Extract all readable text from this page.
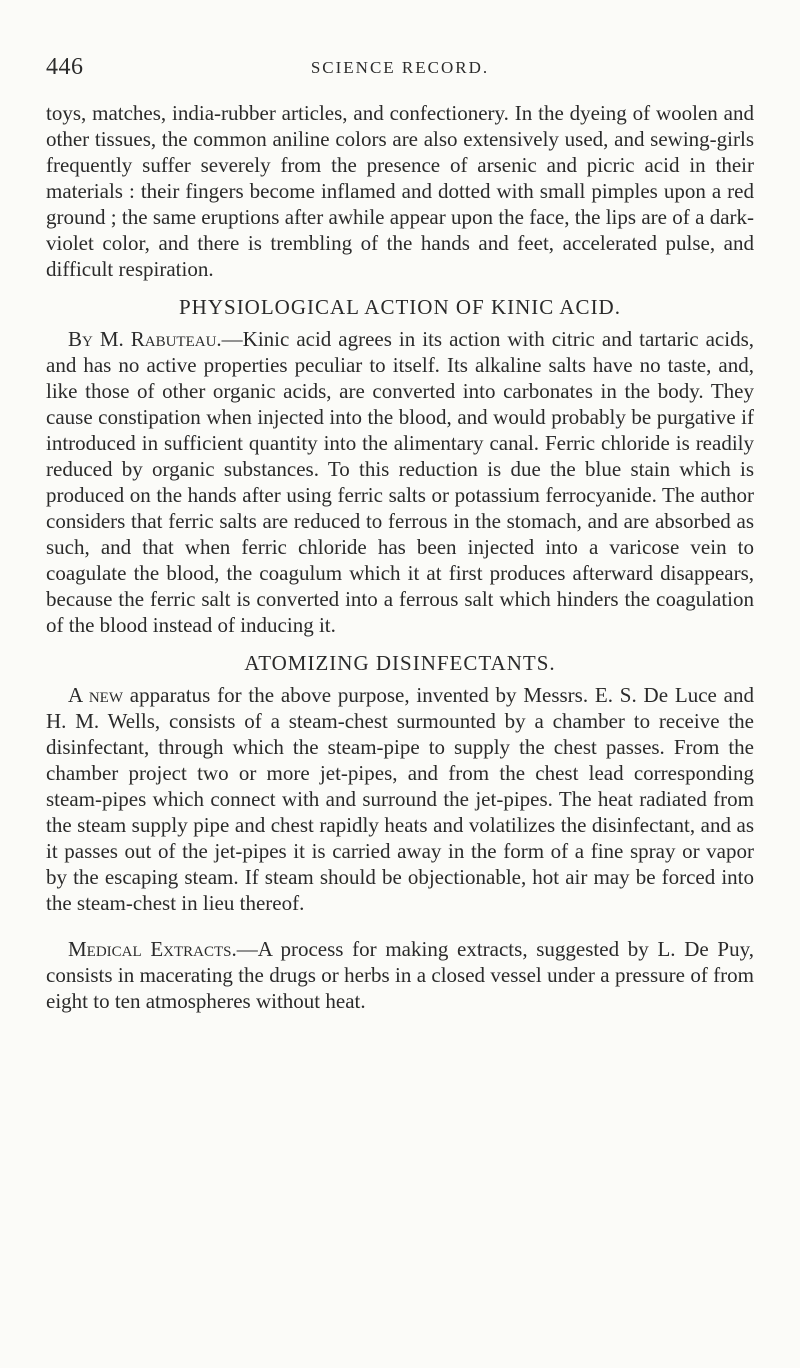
446	SCIENCE RECORD.

toys, matches, india-rubber articles, and confectionery. In the dyeing of woolen and other tissues, the common aniline colors are also extensively used, and sewing-girls frequently suffer severely from the presence of arsenic and picric acid in their materials : their fingers become inflamed and dotted with small pimples upon a red ground ; the same eruptions after awhile appear upon the face, the lips are of a dark-violet color, and there is trembling of the hands and feet, accelerated pulse, and difficult respiration.

PHYSIOLOGICAL ACTION OF KINIC ACID.

By M. Rabuteau.—Kinic acid agrees in its action with citric and tartaric acids, and has no active properties peculiar to itself. Its alkaline salts have no taste, and, like those of other organic acids, are converted into carbonates in the body. They cause constipation when injected into the blood, and would probably be purgative if introduced in sufficient quantity into the alimentary canal. Ferric chloride is readily reduced by organic substances. To this reduction is due the blue stain which is produced on the hands after using ferric salts or potassium ferrocyanide. The author considers that ferric salts are reduced to ferrous in the stomach, and are absorbed as such, and that when ferric chloride has been injected into a varicose vein to coagulate the blood, the coagulum which it at first produces afterward disappears, because the ferric salt is converted into a ferrous salt which hinders the coagulation of the blood instead of inducing it.

ATOMIZING DISINFECTANTS.

A new apparatus for the above purpose, invented by Messrs. E. S. De Luce and H. M. Wells, consists of a steam-chest surmounted by a chamber to receive the disinfectant, through which the steam-pipe to supply the chest passes. From the chamber project two or more jet-pipes, and from the chest lead corresponding steam-pipes which connect with and surround the jet-pipes. The heat radiated from the steam supply pipe and chest rapidly heats and volatilizes the disinfectant, and as it passes out of the jet-pipes it is carried away in the form of a fine spray or vapor by the escaping steam. If steam should be objectionable, hot air may be forced into the steam-chest in lieu thereof.

Medical Extracts.—A process for making extracts, suggested by L. De Puy, consists in macerating the drugs or herbs in a closed vessel under a pressure of from eight to ten atmospheres without heat.
